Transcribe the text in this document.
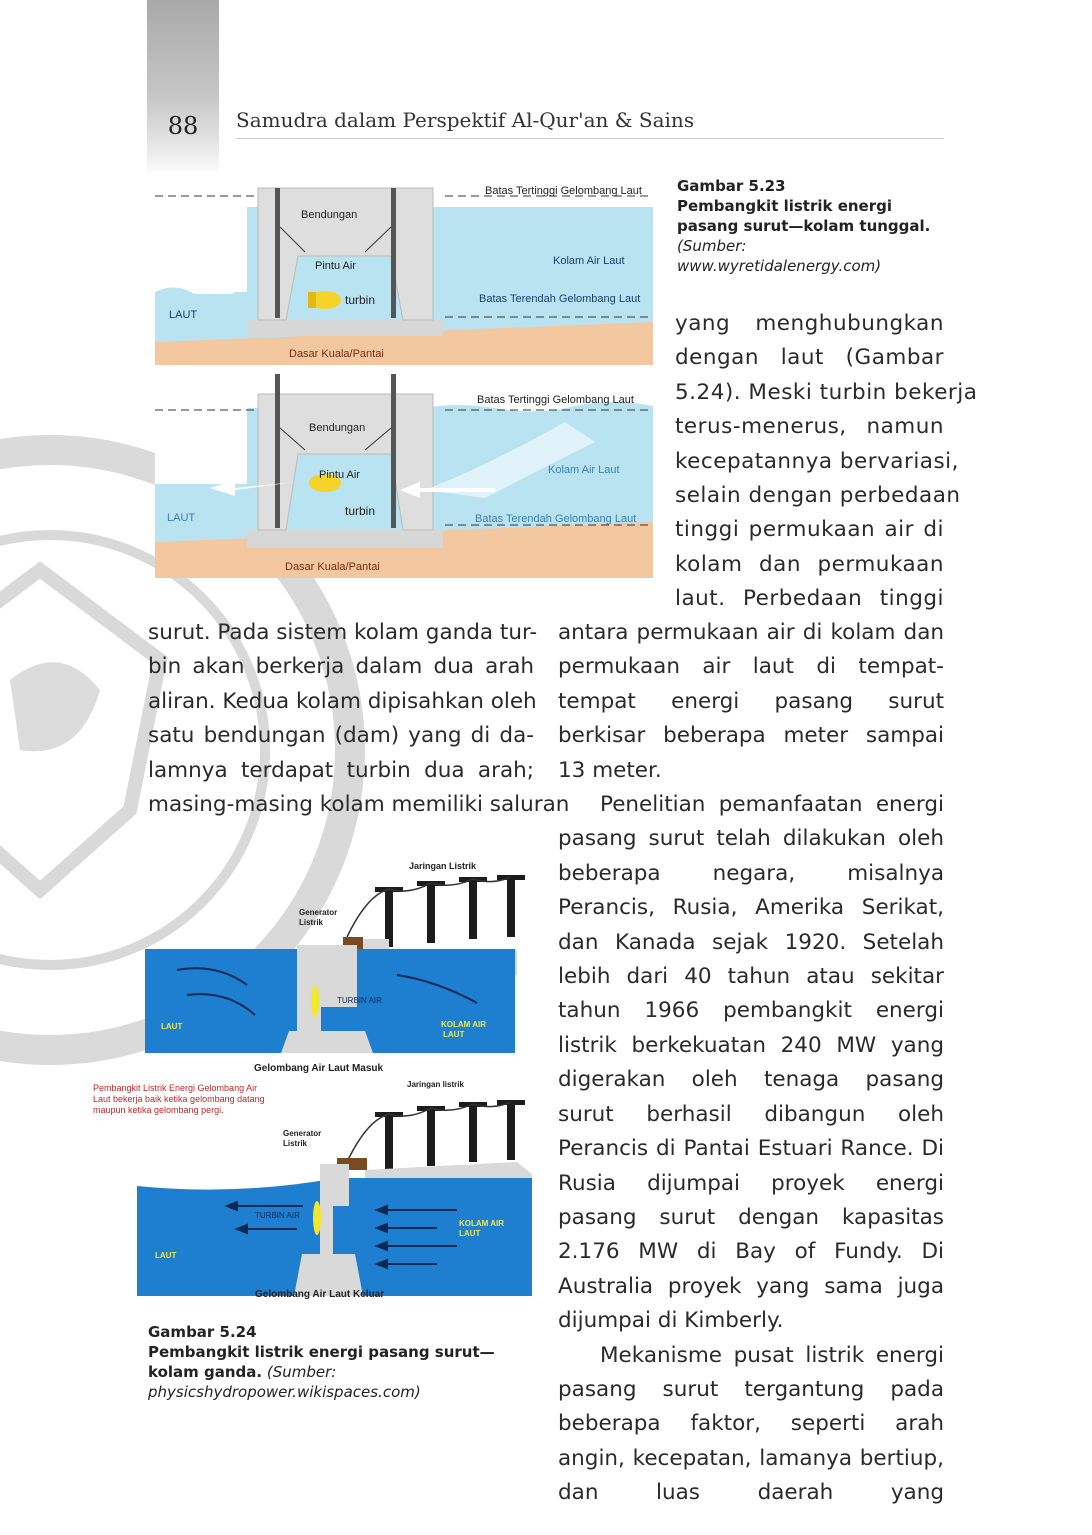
88	Samudra dalam Perspektif Al-Qur'an & Sains
Batas Tertinggi Gelombang Laut
Bendungan
Pintu Air	Kolam Air Laut
turbin	Batas Terendah Gelombang Laut
LAUT
Dasar Kuala/Pantai
Batas Tertinggi Gelombang Laut
Bendungan
Pintu Air	Kolam Air Laut
turbin
Batas Terendah Gelombang Laut
LAUT
Dasar Kuala/Pantai
Gambar 5.23
Pembangkit listrik energi pasang surut—kolam tunggal.
(Sumber: www.wyretidalenergy.com)
yang menghubungkan
dengan laut (Gambar
5.24). Meski turbin bekerja
terus-menerus, namun
kecepatannya bervariasi,
selain dengan perbedaan
tinggi permukaan air di
kolam dan permukaan
laut. Perbedaan tinggi
surut. Pada sistem kolam ganda tur-
bin akan berkerja dalam dua arah
aliran. Kedua kolam dipisahkan oleh
satu bendungan (dam) yang di da-
lamnya terdapat turbin dua arah;
masing-masing kolam memiliki saluran

antara permukaan air di kolam dan permukaan air laut di tempat-tempat energi pasang surut berkisar beberapa meter sampai 13 meter.

Penelitian pemanfaatan energi pasang surut telah dilakukan oleh beberapa negara, misalnya Perancis, Rusia, Amerika Serikat, dan Kanada sejak 1920. Setelah lebih dari 40 tahun atau sekitar tahun 1966 pembangkit energi listrik berkekuatan 240 MW yang digerakan oleh tenaga pasang surut berhasil dibangun oleh Perancis di Pantai Estuari Rance. Di Rusia dijumpai proyek energi pasang surut dengan kapasitas 2.176 MW di Bay of Fundy. Di Australia proyek yang sama juga dijumpai di Kimberly.

Mekanisme pusat listrik energi pasang surut tergantung pada beberapa faktor, seperti arah angin, kecepatan, lamanya bertiup, dan luas daerah yang

Jaringan Listrik
Generator
Listrik
TURBIN AIR
LAUT	KOLAM AIR
LAUT
Gelombang Air Laut Masuk
Pembangkit Listrik Energi Gelombang Air
Laut bekerja baik ketika gelombang datang
maupun ketika gelombang pergi.
Jaringan listrik
Generator
Listrik
TURBIN AIR
LAUT
KOLAM AIR
LAUT
Gelombang Air Laut Keluar
Gambar 5.24
Pembangkit listrik energi pasang surut—kolam ganda. (Sumber: physicshydropower.wikispaces.com)
